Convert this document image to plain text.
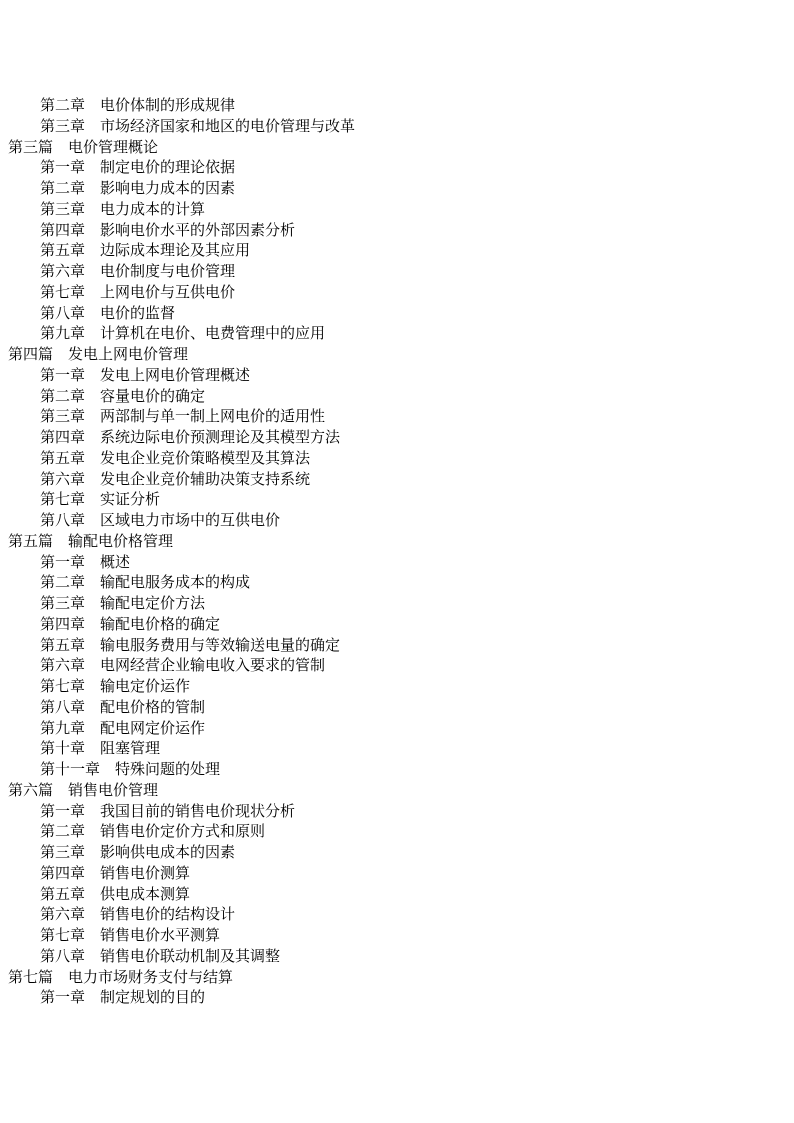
第二章　电价体制的形成规律
第三章　市场经济国家和地区的电价管理与改革
第三篇　电价管理概论
第一章　制定电价的理论依据
第二章　影响电力成本的因素
第三章　电力成本的计算
第四章　影响电价水平的外部因素分析
第五章　边际成本理论及其应用
第六章　电价制度与电价管理
第七章　上网电价与互供电价
第八章　电价的监督
第九章　计算机在电价、电费管理中的应用
第四篇　发电上网电价管理
第一章　发电上网电价管理概述
第二章　容量电价的确定
第三章　两部制与单一制上网电价的适用性
第四章　系统边际电价预测理论及其模型方法
第五章　发电企业竞价策略模型及其算法
第六章　发电企业竞价辅助决策支持系统
第七章　实证分析
第八章　区域电力市场中的互供电价
第五篇　输配电价格管理
第一章　概述
第二章　输配电服务成本的构成
第三章　输配电定价方法
第四章　输配电价格的确定
第五章　输电服务费用与等效输送电量的确定
第六章　电网经营企业输电收入要求的管制
第七章　输电定价运作
第八章　配电价格的管制
第九章　配电网定价运作
第十章　阻塞管理
第十一章　特殊问题的处理
第六篇　销售电价管理
第一章　我国目前的销售电价现状分析
第二章　销售电价定价方式和原则
第三章　影响供电成本的因素
第四章　销售电价测算
第五章　供电成本测算
第六章　销售电价的结构设计
第七章　销售电价水平测算
第八章　销售电价联动机制及其调整
第七篇　电力市场财务支付与结算
第一章　制定规划的目的
